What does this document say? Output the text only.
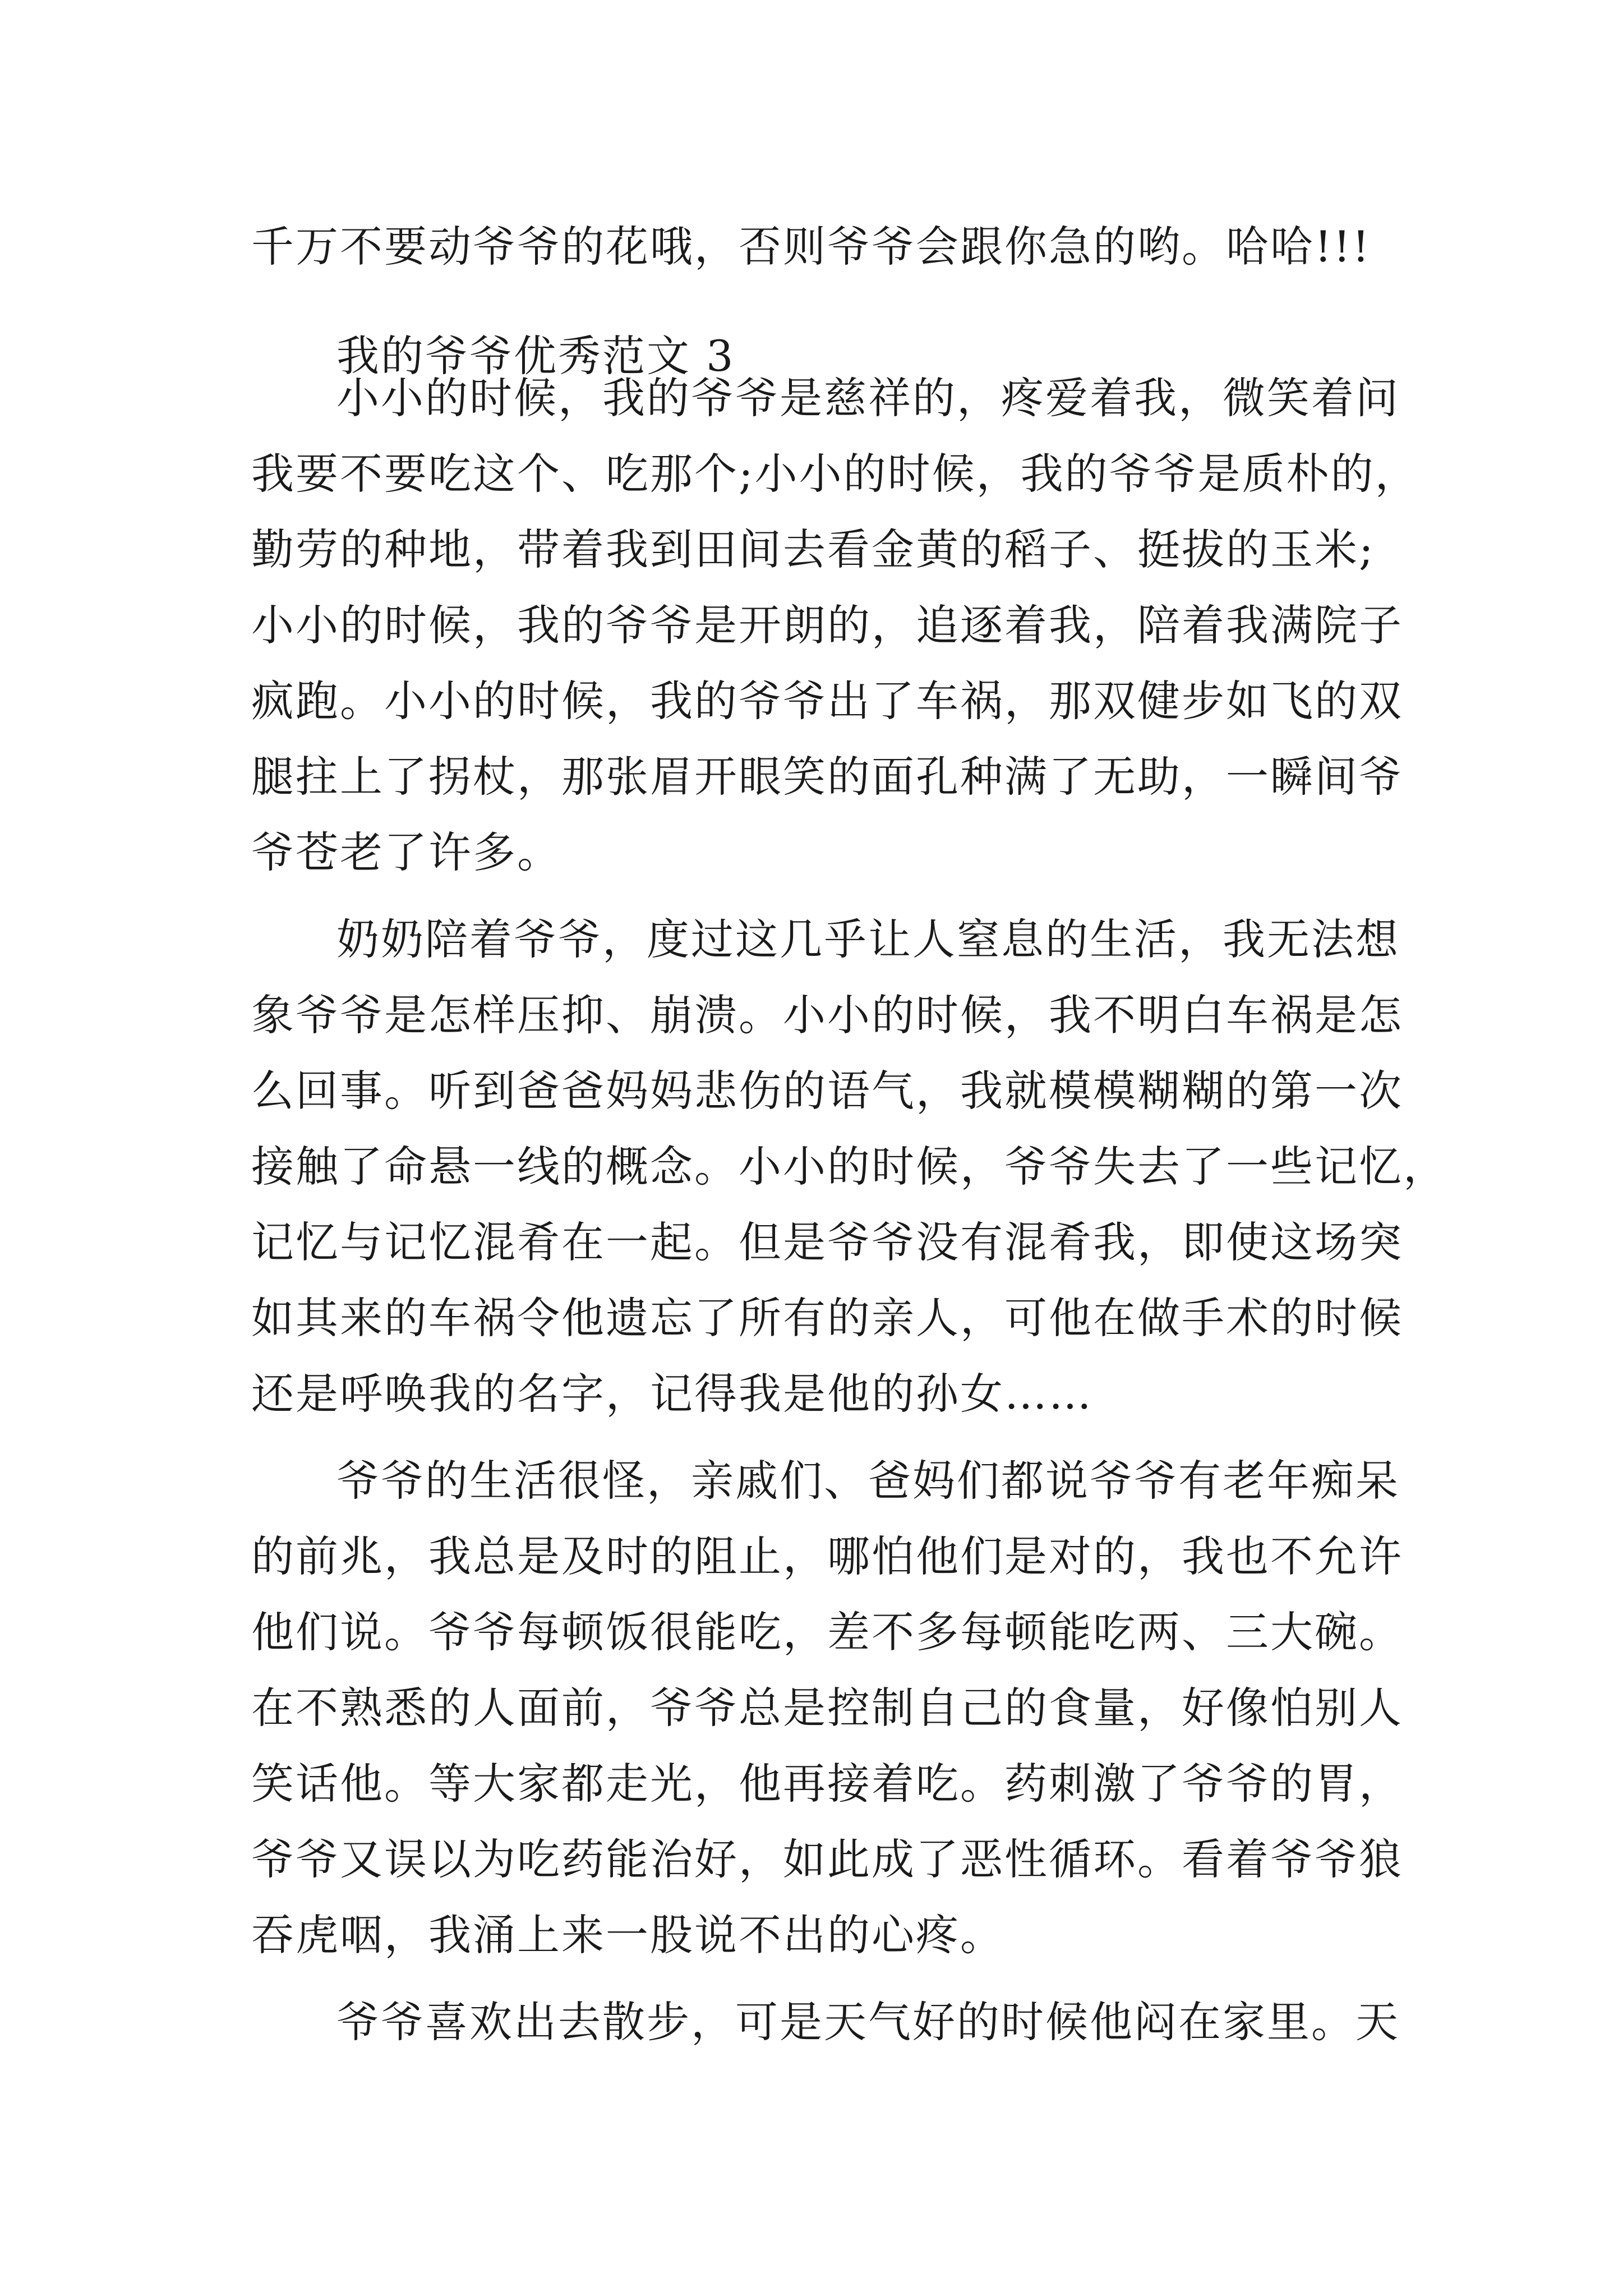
千万不要动爷爷的花哦，否则爷爷会跟你急的哟。哈哈!!!
我的爷爷优秀范文 3
小小的时候，我的爷爷是慈祥的，疼爱着我，微笑着问
我要不要吃这个、吃那个;小小的时候，我的爷爷是质朴的，
勤劳的种地，带着我到田间去看金黄的稻子、挺拔的玉米;
小小的时候，我的爷爷是开朗的，追逐着我，陪着我满院子
疯跑。小小的时候，我的爷爷出了车祸，那双健步如飞的双
腿拄上了拐杖，那张眉开眼笑的面孔种满了无助，一瞬间爷
爷苍老了许多。
奶奶陪着爷爷，度过这几乎让人窒息的生活，我无法想
象爷爷是怎样压抑、崩溃。小小的时候，我不明白车祸是怎
么回事。听到爸爸妈妈悲伤的语气，我就模模糊糊的第一次
接触了命悬一线的概念。小小的时候，爷爷失去了一些记忆，
记忆与记忆混肴在一起。但是爷爷没有混肴我，即使这场突
如其来的车祸令他遗忘了所有的亲人，可他在做手术的时候
还是呼唤我的名字，记得我是他的孙女……
爷爷的生活很怪，亲戚们、爸妈们都说爷爷有老年痴呆
的前兆，我总是及时的阻止，哪怕他们是对的，我也不允许
他们说。爷爷每顿饭很能吃，差不多每顿能吃两、三大碗。
在不熟悉的人面前，爷爷总是控制自己的食量，好像怕别人
笑话他。等大家都走光，他再接着吃。药刺激了爷爷的胃，
爷爷又误以为吃药能治好，如此成了恶性循环。看着爷爷狼
吞虎咽，我涌上来一股说不出的心疼。
爷爷喜欢出去散步，可是天气好的时候他闷在家里。天
